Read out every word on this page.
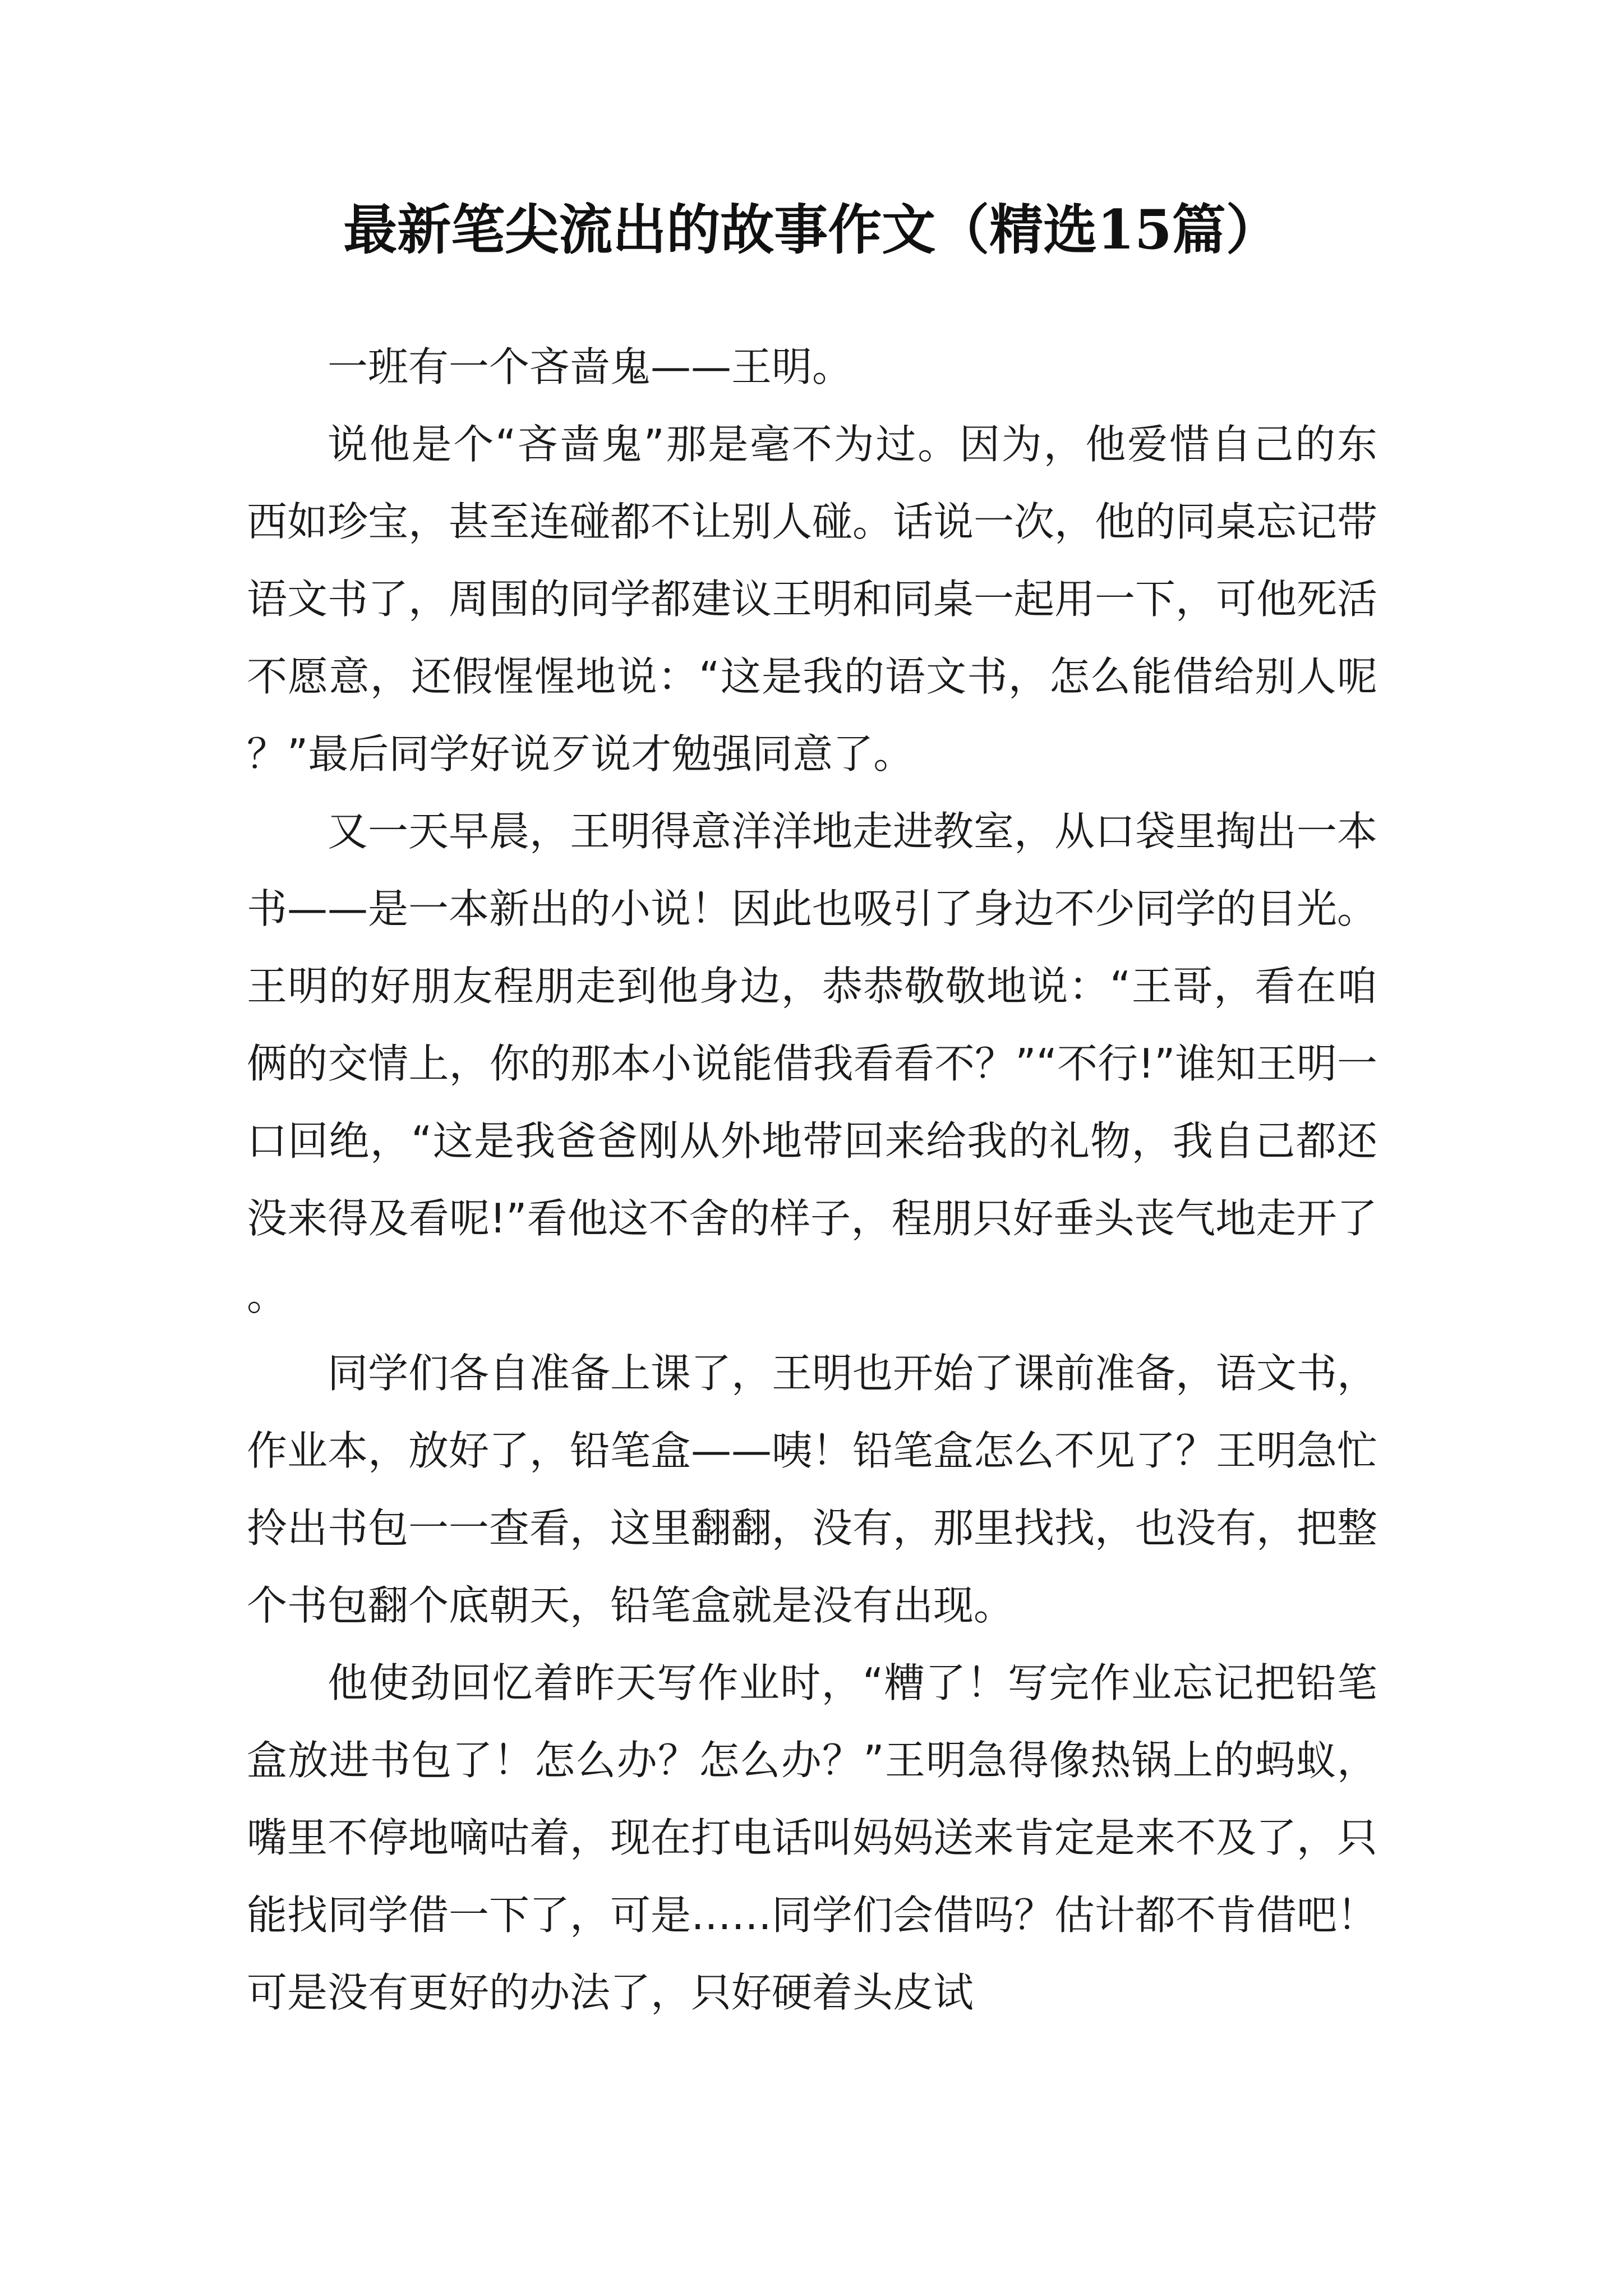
最新笔尖流出的故事作文（精选15篇）

一班有一个吝啬鬼——王明。

说他是个“吝啬鬼”那是毫不为过。因为，他爱惜自己的东西如珍宝，甚至连碰都不让别人碰。话说一次，他的同桌忘记带语文书了，周围的同学都建议王明和同桌一起用一下，可他死活不愿意，还假惺惺地说：“这是我的语文书，怎么能借给别人呢？”最后同学好说歹说才勉强同意了。

又一天早晨，王明得意洋洋地走进教室，从口袋里掏出一本书——是一本新出的小说！因此也吸引了身边不少同学的目光。王明的好朋友程朋走到他身边，恭恭敬敬地说：“王哥，看在咱俩的交情上，你的那本小说能借我看看不？”“不行!”谁知王明一口回绝，“这是我爸爸刚从外地带回来给我的礼物，我自己都还没来得及看呢!”看他这不舍的样子，程朋只好垂头丧气地走开了。

同学们各自准备上课了，王明也开始了课前准备，语文书，作业本，放好了，铅笔盒——咦！铅笔盒怎么不见了？王明急忙拎出书包一一查看，这里翻翻，没有，那里找找，也没有，把整个书包翻个底朝天，铅笔盒就是没有出现。

他使劲回忆着昨天写作业时，“糟了！写完作业忘记把铅笔盒放进书包了！怎么办？怎么办？”王明急得像热锅上的蚂蚁，嘴里不停地嘀咕着，现在打电话叫妈妈送来肯定是来不及了，只能找同学借一下了，可是……同学们会借吗？估计都不肯借吧！可是没有更好的办法了，只好硬着头皮试
